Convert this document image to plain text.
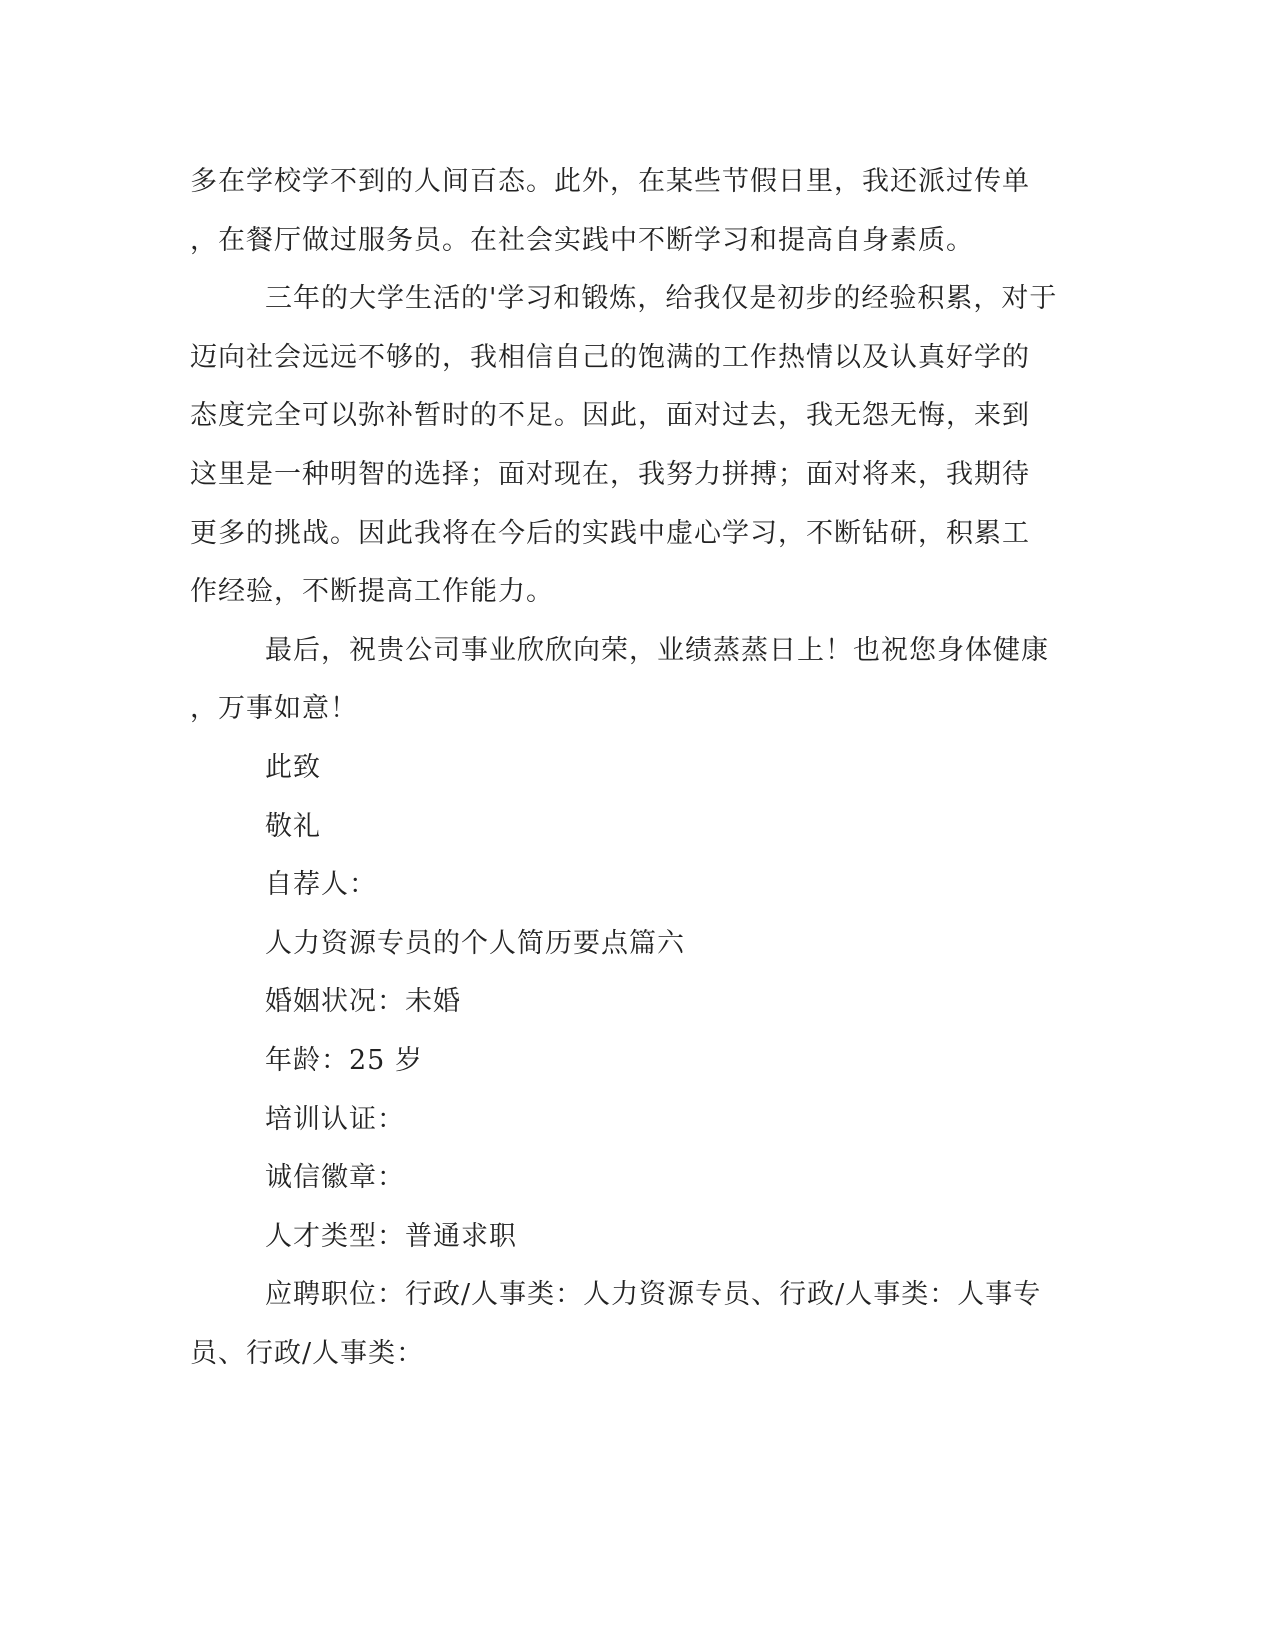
多在学校学不到的人间百态。此外，在某些节假日里，我还派过传单
，在餐厅做过服务员。在社会实践中不断学习和提高自身素质。
三年的大学生活的'学习和锻炼，给我仅是初步的经验积累，对于
迈向社会远远不够的，我相信自己的饱满的工作热情以及认真好学的
态度完全可以弥补暂时的不足。因此，面对过去，我无怨无悔，来到
这里是一种明智的选择；面对现在，我努力拼搏；面对将来，我期待
更多的挑战。因此我将在今后的实践中虚心学习，不断钻研，积累工
作经验，不断提高工作能力。
最后，祝贵公司事业欣欣向荣，业绩蒸蒸日上！也祝您身体健康
，万事如意！
此致
敬礼
自荐人：
人力资源专员的个人简历要点篇六
婚姻状况：未婚
年龄：25 岁
培训认证：
诚信徽章：
人才类型：普通求职
应聘职位：行政/人事类：人力资源专员、行政/人事类：人事专
员、行政/人事类：
